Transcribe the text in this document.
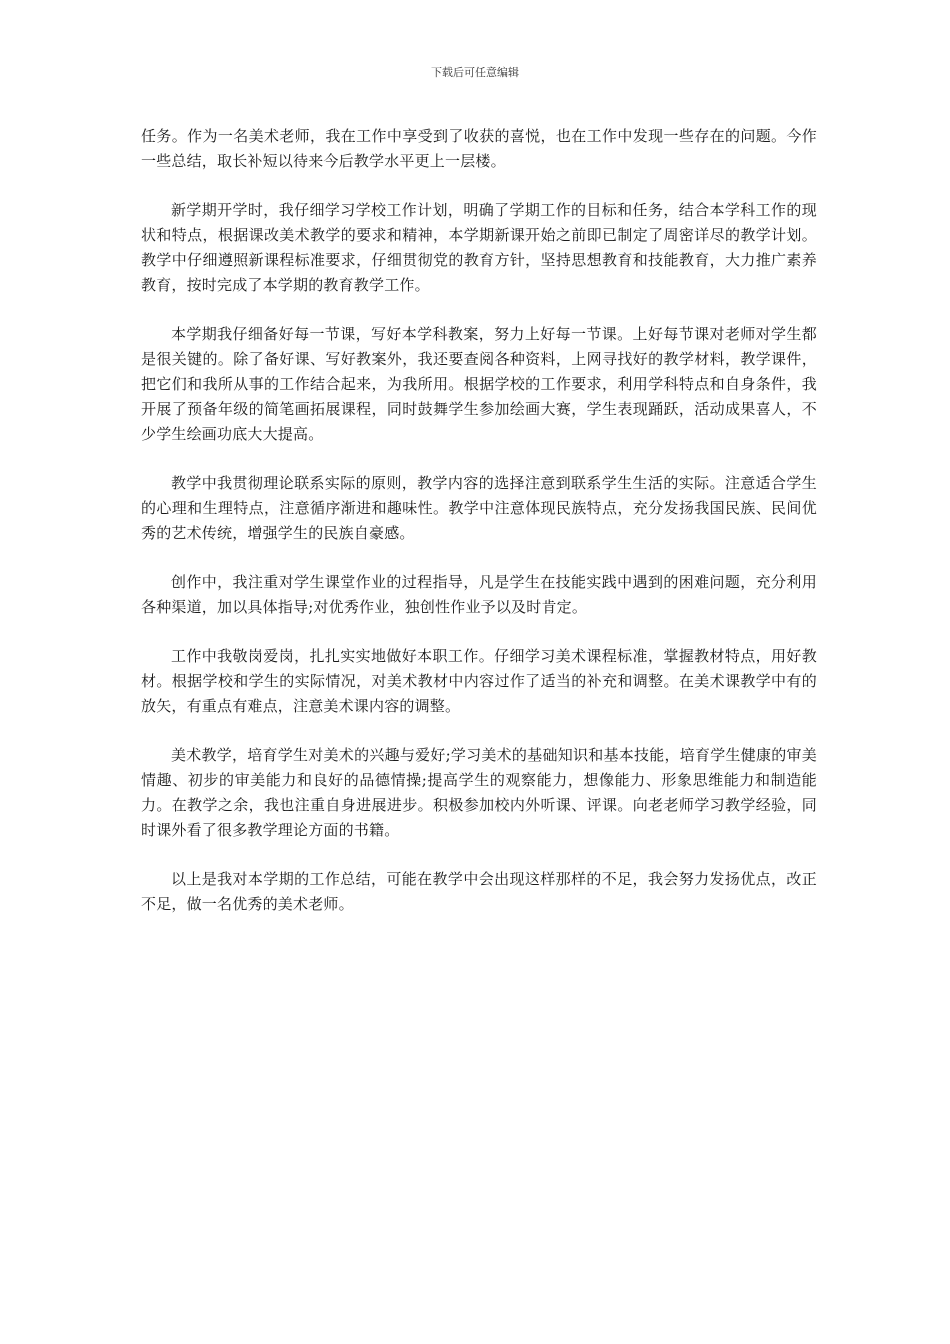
下载后可任意编辑

任务。作为一名美术老师，我在工作中享受到了收获的喜悦，也在工作中发现一些存在的问题。今作一些总结，取长补短以待来今后教学水平更上一层楼。

新学期开学时，我仔细学习学校工作计划，明确了学期工作的目标和任务，结合本学科工作的现状和特点，根据课改美术教学的要求和精神，本学期新课开始之前即已制定了周密详尽的教学计划。教学中仔细遵照新课程标准要求，仔细贯彻党的教育方针，坚持思想教育和技能教育，大力推广素养教育，按时完成了本学期的教育教学工作。

本学期我仔细备好每一节课，写好本学科教案，努力上好每一节课。上好每节课对老师对学生都是很关键的。除了备好课、写好教案外，我还要查阅各种资料，上网寻找好的教学材料，教学课件，把它们和我所从事的工作结合起来，为我所用。根据学校的工作要求，利用学科特点和自身条件，我开展了预备年级的简笔画拓展课程，同时鼓舞学生参加绘画大赛，学生表现踊跃，活动成果喜人，不少学生绘画功底大大提高。

教学中我贯彻理论联系实际的原则，教学内容的选择注意到联系学生生活的实际。注意适合学生的心理和生理特点，注意循序渐进和趣味性。教学中注意体现民族特点，充分发扬我国民族、民间优秀的艺术传统，增强学生的民族自豪感。

创作中，我注重对学生课堂作业的过程指导，凡是学生在技能实践中遇到的困难问题，充分利用各种渠道，加以具体指导;对优秀作业，独创性作业予以及时肯定。

工作中我敬岗爱岗，扎扎实实地做好本职工作。仔细学习美术课程标准，掌握教材特点，用好教材。根据学校和学生的实际情况，对美术教材中内容过作了适当的补充和调整。在美术课教学中有的放矢，有重点有难点，注意美术课内容的调整。

美术教学，培育学生对美术的兴趣与爱好;学习美术的基础知识和基本技能，培育学生健康的审美情趣、初步的审美能力和良好的品德情操;提高学生的观察能力，想像能力、形象思维能力和制造能力。在教学之余，我也注重自身进展进步。积极参加校内外听课、评课。向老老师学习教学经验，同时课外看了很多教学理论方面的书籍。

以上是我对本学期的工作总结，可能在教学中会出现这样那样的不足，我会努力发扬优点，改正不足，做一名优秀的美术老师。
